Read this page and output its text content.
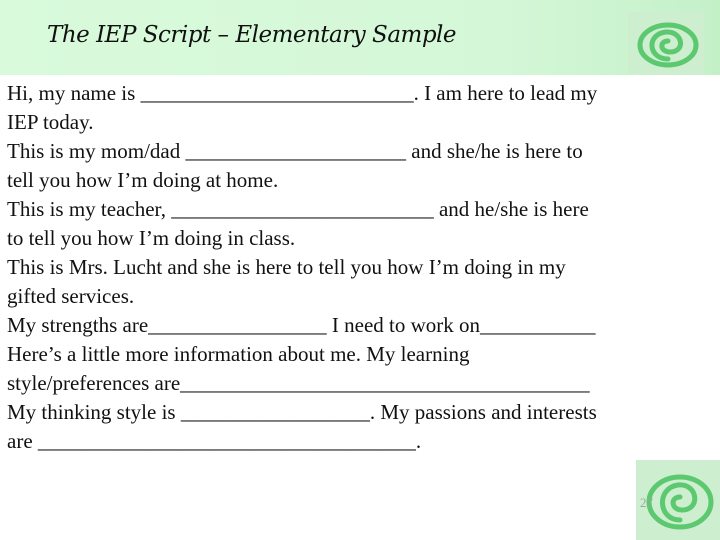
The IEP Script – Elementary Sample
Hi, my name is __________________________. I am here to lead my
IEP today.
This is my mom/dad _____________________ and she/he is here to
tell you how I’m doing at home.
This is my teacher, _________________________ and he/she is here
to tell you how I’m doing in class.
This is Mrs. Lucht and she is here to tell you how I’m doing in my
gifted services.
My strengths are_________________ I need to work on___________
Here’s a little more information about me. My learning
style/preferences are_______________________________________
My thinking style is __________________. My passions and interests
are ____________________________________.
27
